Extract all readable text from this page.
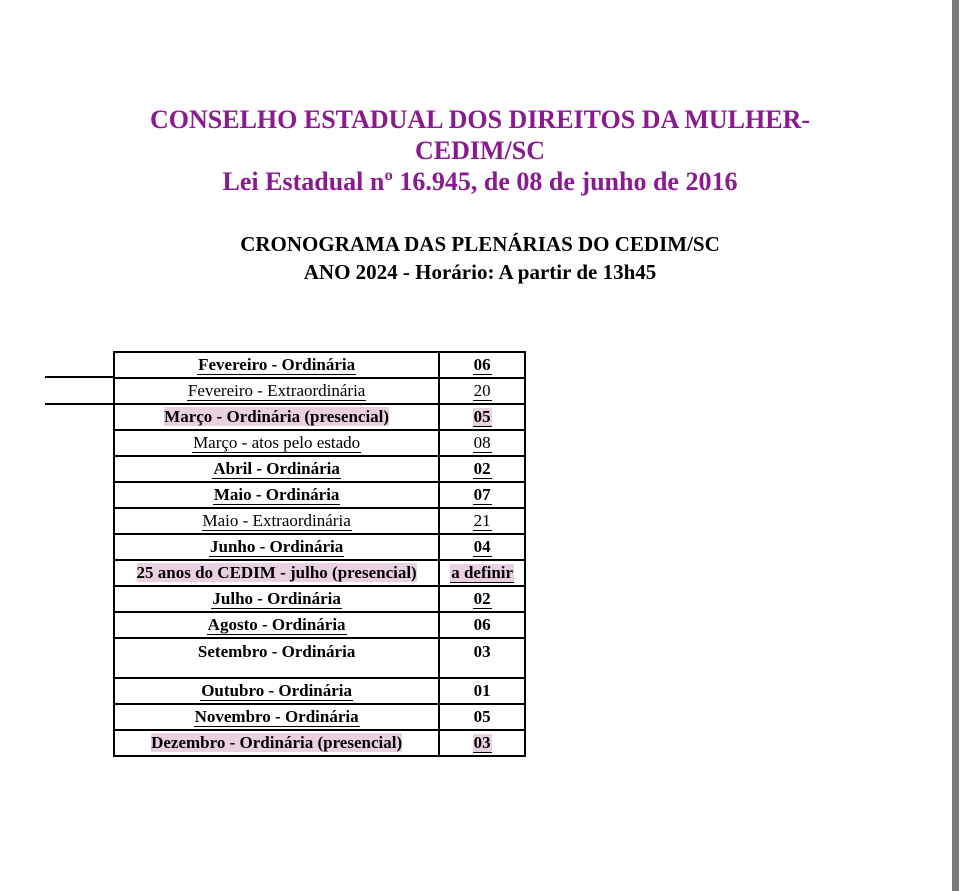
CONSELHO ESTADUAL DOS DIREITOS DA MULHER-
CEDIM/SC
Lei Estadual nº 16.945, de 08 de junho de 2016
CRONOGRAMA DAS PLENÁRIAS DO CEDIM/SC
ANO 2024 - Horário: A partir de 13h45
Fevereiro - Ordinária	06
Fevereiro - Extraordinária	20
Março - Ordinária (presencial)	05
Março - atos pelo estado	08
Abril - Ordinária	02
Maio - Ordinária	07
Maio - Extraordinária	21
Junho - Ordinária	04
25 anos do CEDIM - julho (presencial)	a definir
Julho - Ordinária	02
Agosto - Ordinária	06
Setembro - Ordinária	03
Outubro - Ordinária	01
Novembro - Ordinária	05
Dezembro - Ordinária (presencial)	03
